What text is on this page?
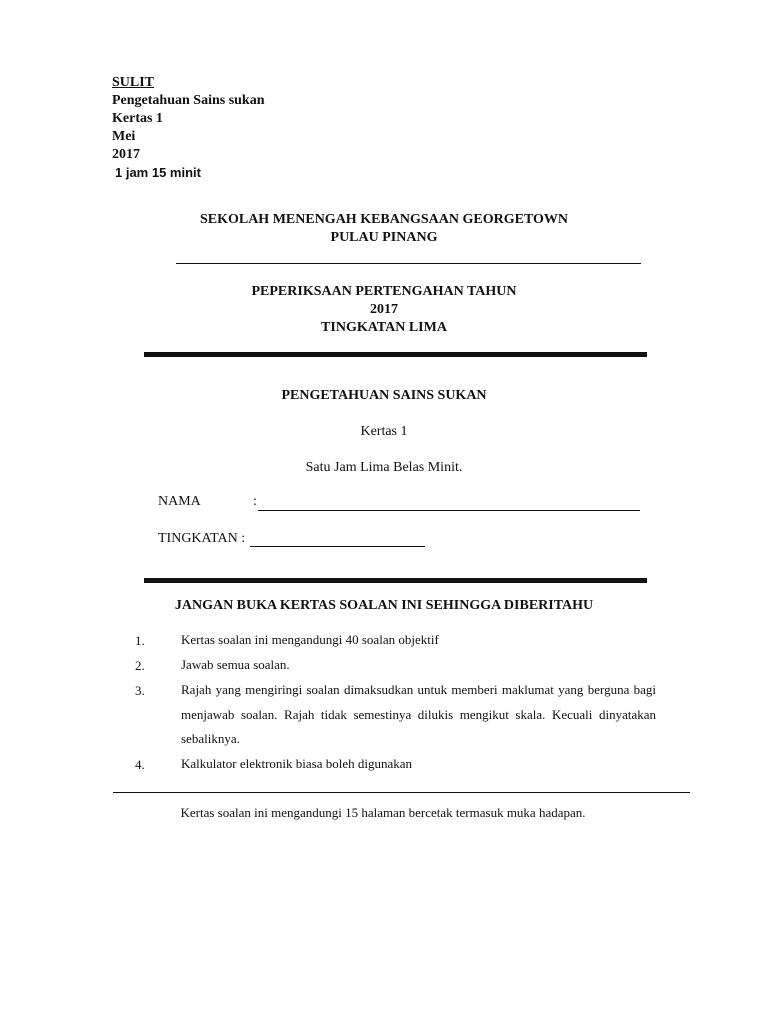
SULIT
Pengetahuan Sains sukan
Kertas 1
Mei
2017
1 jam 15 minit
SEKOLAH MENENGAH KEBANGSAAN GEORGETOWN
PULAU PINANG
PEPERIKSAAN PERTENGAHAN TAHUN
2017
TINGKATAN LIMA
PENGETAHUAN SAINS SUKAN
Kertas 1
Satu Jam Lima Belas Minit.
NAMA	:
TINGKATAN :
JANGAN BUKA KERTAS SOALAN INI SEHINGGA DIBERITAHU
1.	Kertas soalan ini mengandungi 40 soalan objektif
2.	Jawab semua soalan.
3.	Rajah yang mengiringi soalan dimaksudkan untuk memberi maklumat yang berguna bagi menjawab soalan. Rajah tidak semestinya dilukis mengikut skala. Kecuali dinyatakan sebaliknya.
4.	Kalkulator elektronik biasa boleh digunakan
Kertas soalan ini mengandungi 15 halaman bercetak termasuk muka hadapan.
